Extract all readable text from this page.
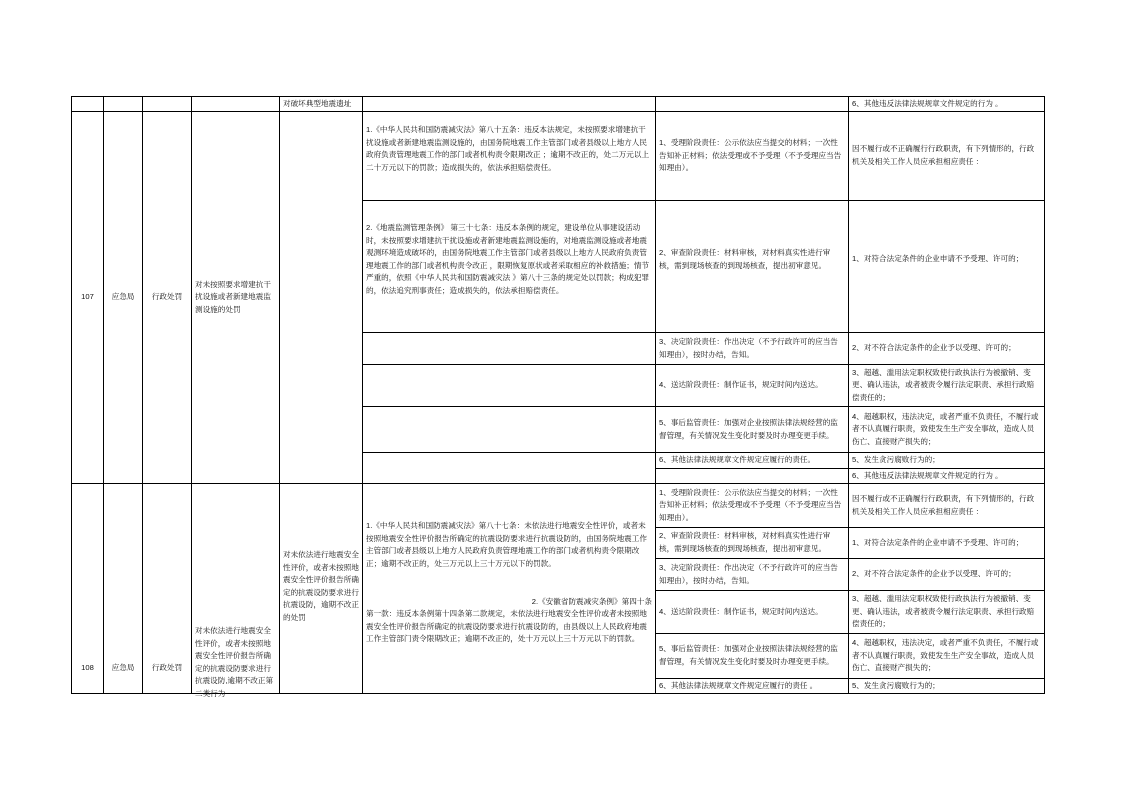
对破坏典型地震遗址	6、其他违反法律法规规章文件规定的行为 。
107 应急局 行政处罚
对未按照要求增建抗干扰设施或者新建地震监测设施的处罚
1.《中华人民共和国防震减灾法》第八十五条：违反本法规定，未按照要求增建抗干扰设施或者新建地震监测设施的，由国务院地震工作主管部门或者县级以上地方人民政府负责管理地震工作的部门或者机构责令限期改正 ；逾期不改正的，处二万元以上二十万元以下的罚款；造成损失的，依法承担赔偿责任。
2.《地震监测管理条例》 第三十七条：违反本条例的规定，建设单位从事建设活动时，未按照要求增建抗干扰设施或者新建地震监测设施的，对地震监测设施或者地震观测环境造成破坏的，由国务院地震工作主管部门或者县级以上地方人民政府负责管理地震工作的部门或者机构责令改正 ，限期恢复原状或者采取相应的补救措施；情节严重的，依照《中华人民共和国防震减灾法 》第八十三条的规定处以罚款；构成犯罪的，依法追究刑事责任；造成损失的，依法承担赔偿责任。
1、受理阶段责任：公示依法应当提交的材料；一次性告知补正材料；依法受理或不予受理（不予受理应当告知理由）。
2、审查阶段责任：材料审核，对材料真实性进行审核，需到现场核查的到现场核查，提出初审意见。
3、决定阶段责任：作出决定（不予行政许可的应当告知理由），按时办结，告知。
4、送达阶段责任：制作证书，规定时间内送达。
5、事后监管责任：加强对企业按照法律法规经营的监督管理，有关情况发生变化时要及时办理变更手续。
6、其他法律法规规章文件规定应履行的责任。
因不履行或不正确履行行政职责，有下列情形的，行政机关及相关工作人员应承担相应责任 ：
1、对符合法定条件的企业申请不予受理、许可的；
2、对不符合法定条件的企业予以受理、许可的；
3、超越、滥用法定职权致使行政执法行为被撤销、变更、确认违法，或者被责令履行法定职责、承担行政赔偿责任的；
4、超越职权，违法决定，或者严重不负责任，不履行或者不认真履行职责，致使发生生产安全事故，造成人员伤亡、直接财产损失的；
5、发生贪污腐败行为的；
6、其他违反法律法规规章文件规定的行为 。
108 应急局 行政处罚
对未依法进行地震安全性评价，或者未按照地震安全性评价报告所确定的抗震设防要求进行抗震设防,逾期不改正第二类行为
对未依法进行地震安全性评价，或者未按照地震安全性评价报告所确定的抗震设防要求进行抗震设防，逾期不改正的处罚
1.《中华人民共和国防震减灾法》第八十七条：未依法进行地震安全性评价，或者未按照地震安全性评价报告所确定的抗震设防要求进行抗震设防的，由国务院地震工作主管部门或者县级以上地方人民政府负责管理地震工作的部门或者机构责令限期改正；逾期不改正的，处三万元以上三十万元以下的罚款。
2.《安徽省防震减灾条例》第四十条
第一款：违反本条例第十四条第二款规定，未依法进行地震安全性评价或者未按照地震安全性评价报告所确定的抗震设防要求进行抗震设防的，由县级以上人民政府地震工作主管部门责令限期改正；逾期不改正的，处十万元以上三十万元以下的罚款。
1、受理阶段责任：公示依法应当提交的材料；一次性告知补正材料；依法受理或不予受理（不予受理应当告知理由）。
2、审查阶段责任：材料审核，对材料真实性进行审核，需到现场核查的到现场核查，提出初审意见。
3、决定阶段责任：作出决定（不予行政许可的应当告知理由），按时办结，告知。
4、送达阶段责任：制作证书，规定时间内送达。
5、事后监管责任：加强对企业按照法律法规经营的监督管理，有关情况发生变化时要及时办理变更手续。
6、其他法律法规规章文件规定应履行的责任 。
因不履行或不正确履行行政职责，有下列情形的，行政机关及相关工作人员应承担相应责任 ：
1、对符合法定条件的企业申请不予受理、许可的；
2、对不符合法定条件的企业予以受理、许可的；
3、超越、滥用法定职权致使行政执法行为被撤销、变更、确认违法，或者被责令履行法定职责、承担行政赔偿责任的；
4、超越职权，违法决定，或者严重不负责任，不履行或者不认真履行职责，致使发生生产安全事故，造成人员伤亡、直接财产损失的；
5、发生贪污腐败行为的；
